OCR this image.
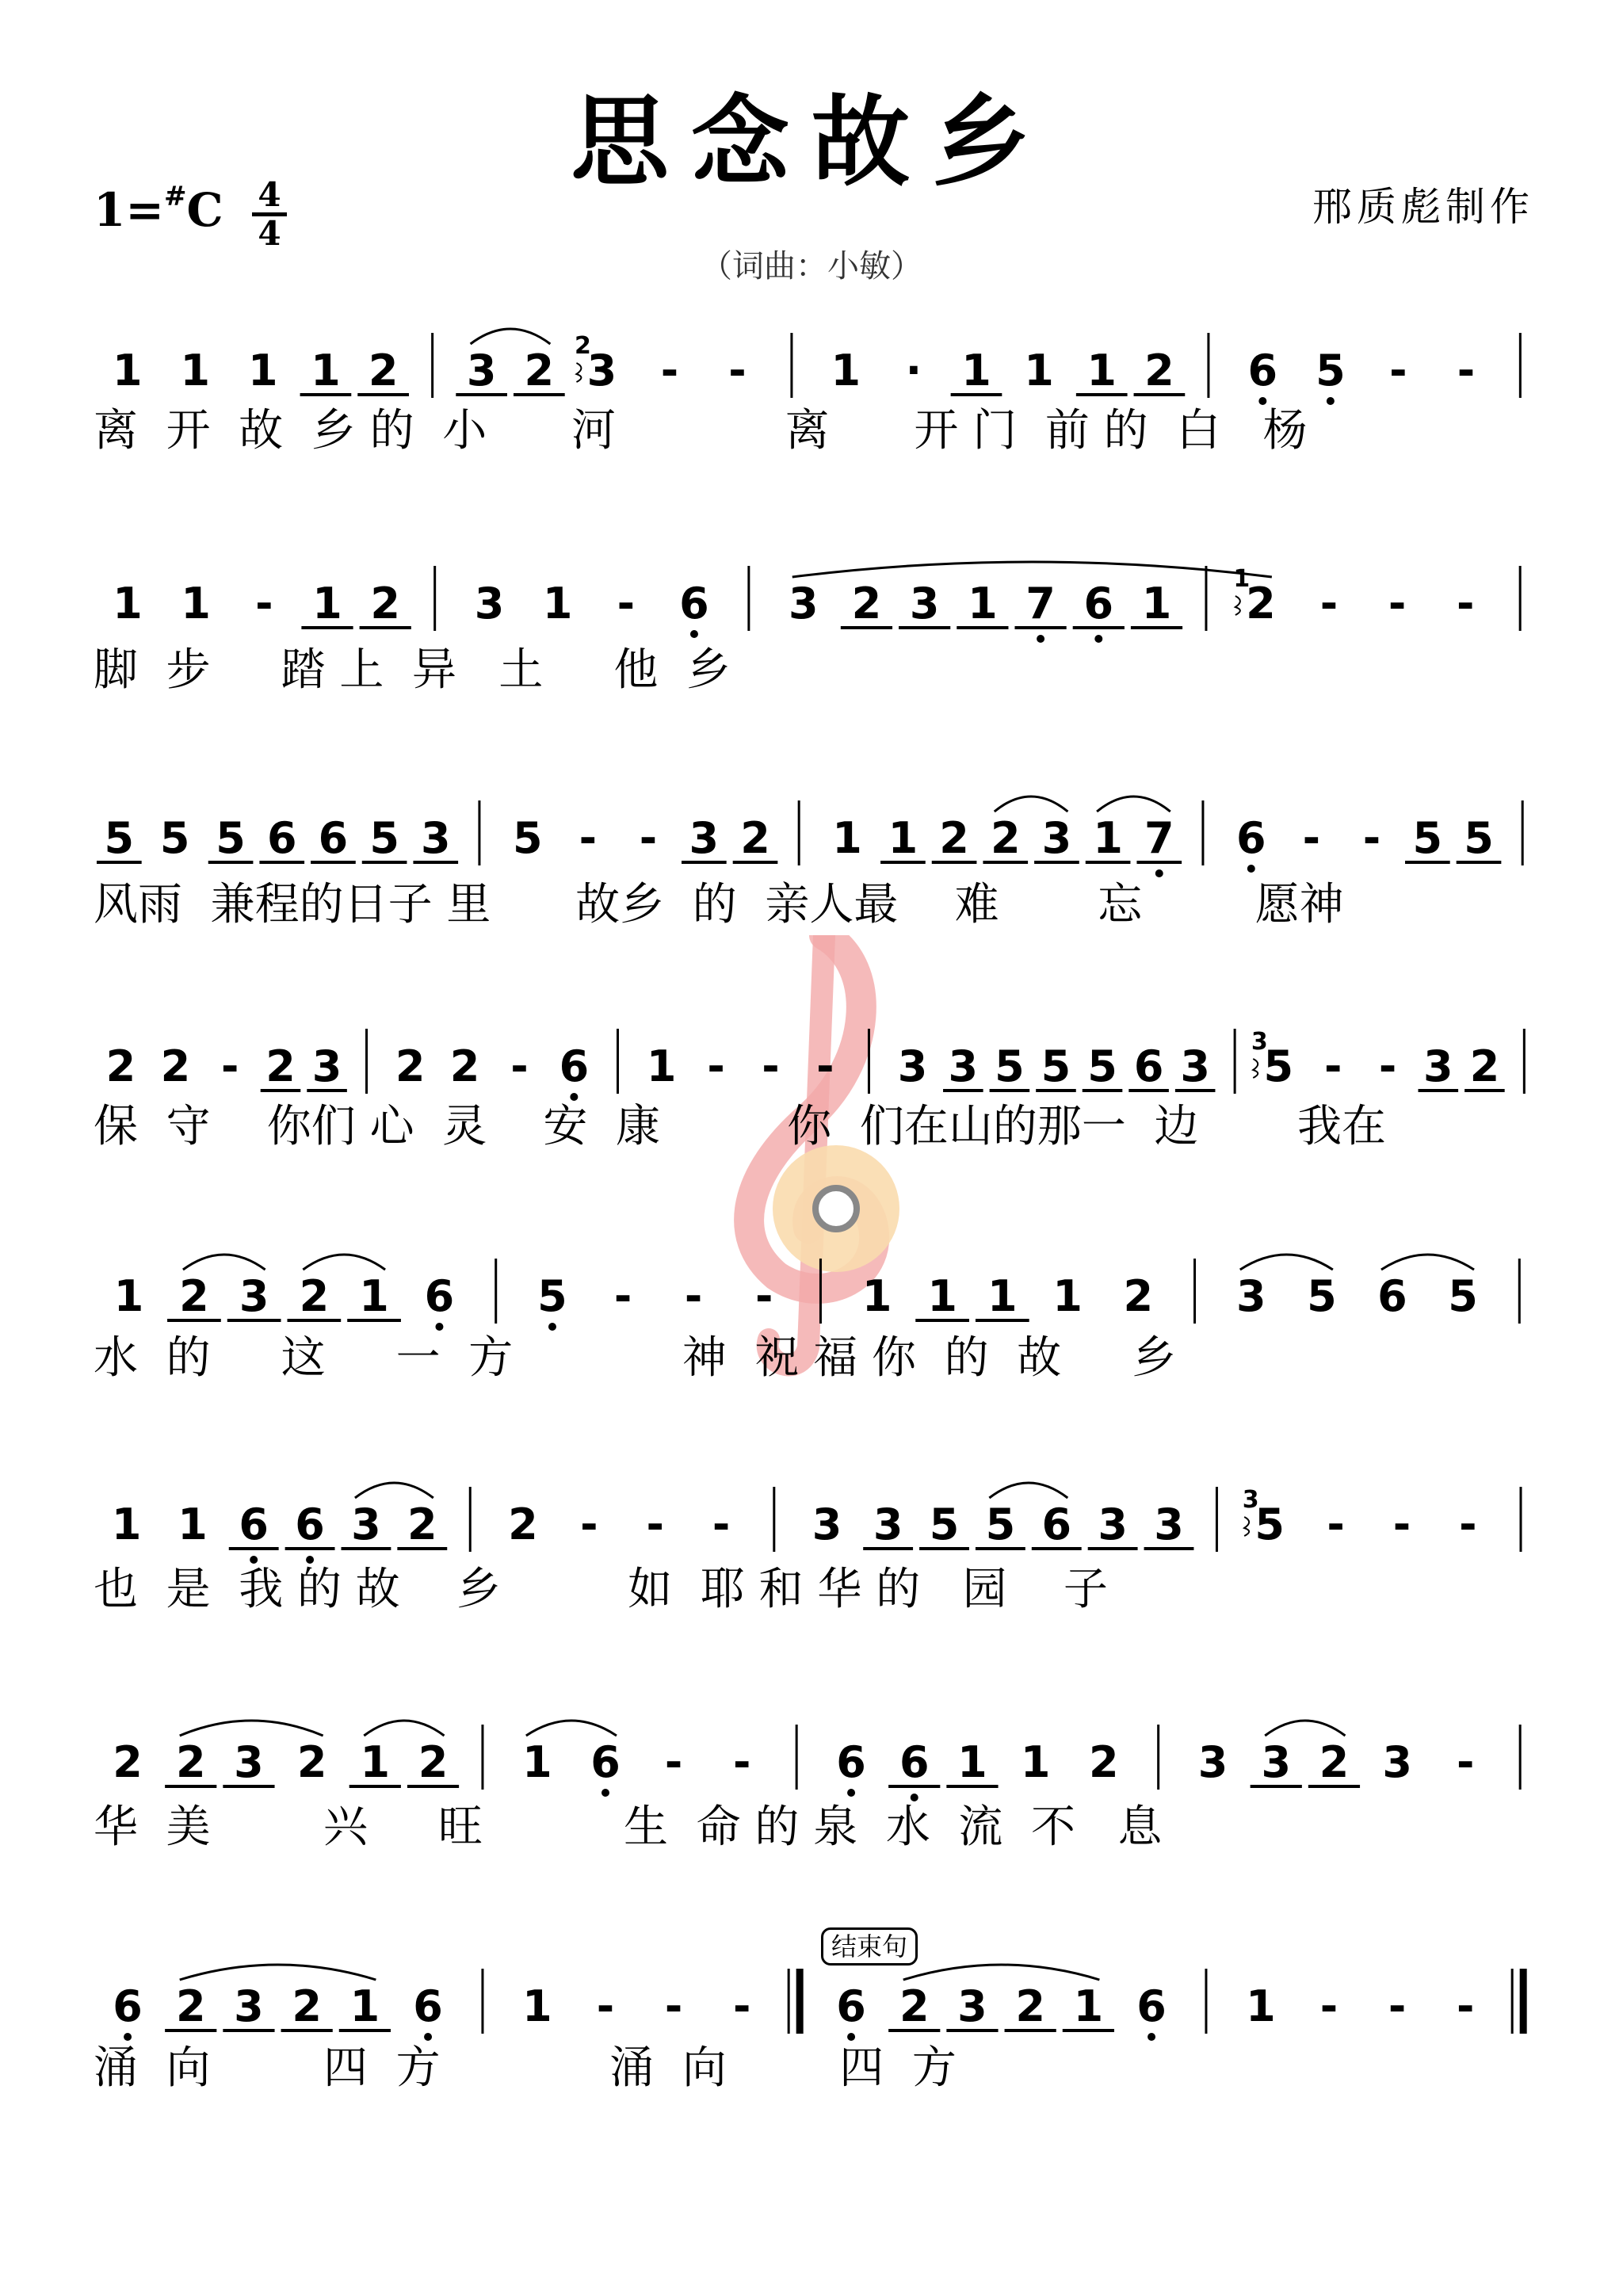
思念故乡
1=#C 4
4
邢质彪制作
（词曲：小敏）
1 1 1 1 2 3 2 3
2 - - 1 · 1 1 1 2 6 5 - -
离  开  故  乡 的  小      河            离      开 门  前 的  白   杨
1 1 - 1 2 3 1 - 6 3 2 3 1 7 6 1 2
1 - - -
脚  步     踏 上  异   土     他  乡
5 5 5 6 6 5 3 5 - - 3 2 1 1 2 2 3 1 7 6 - - 5 5
风雨  兼程的日子 里      故乡  的  亲人最    难       忘        愿神
2 2 - 2 3 2 2 - 6 1 - - - 3 3 5 5 5 6 3 5
3 - - 3 2
保  守    你们 心  灵    安  康         你  们在山的那一  边       我在
1 2 3 2 1 6 5 - - - 1 1 1 1 2 3 5 6 5
水  的     这     一  方            神  祝 福 你  的  故     乡
1 1 6 6 3 2 2 - - - 3 3 5 5 6 3 3 5
3 - - -
也  是  我 的 故    乡         如  耶 和 华 的   园    子
2 2 3 2 1 2 1 6 - - 6 6 1 1 2 3 3 2 3 -
华  美        兴     旺          生  命 的 泉  水  流  不   息
6 2 3 2 1 6 1 - - - 6 2 3 2 1 6 1 - - -
涌  向        四  方            涌  向        四  方
结束句
